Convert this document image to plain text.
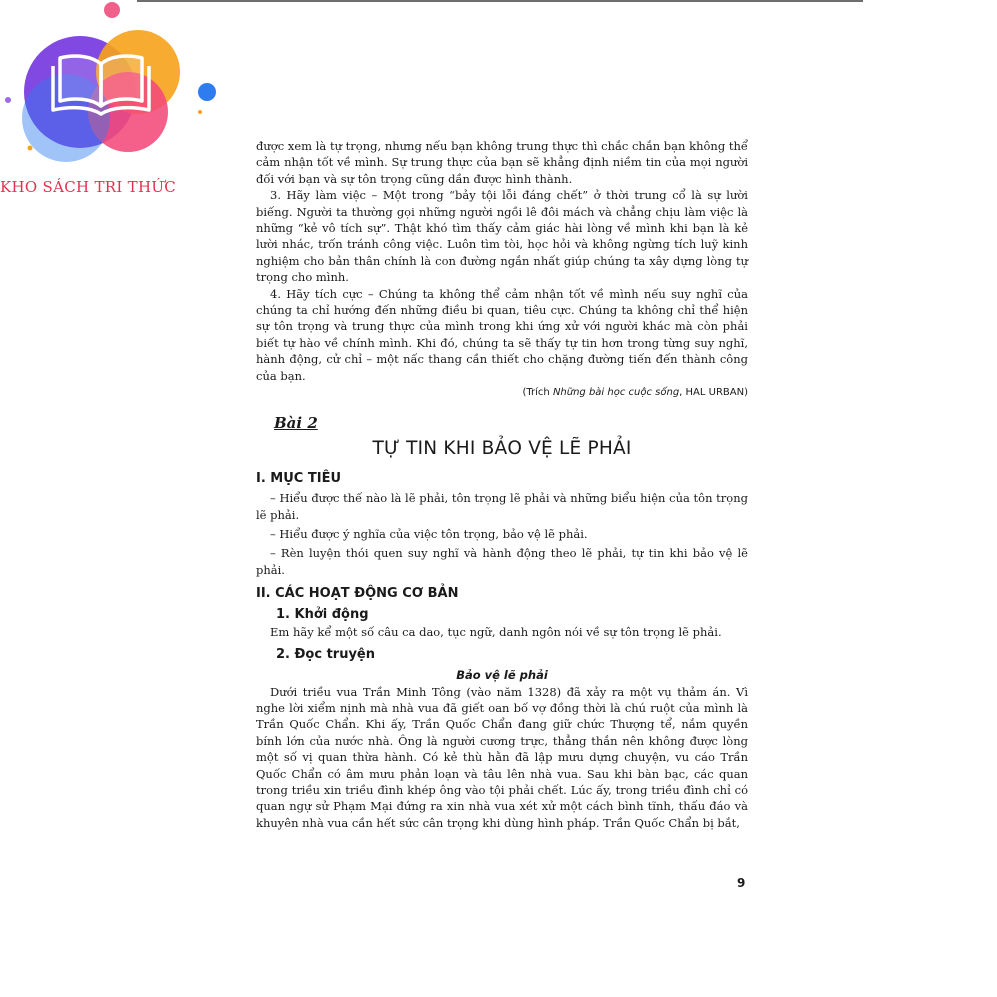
KHO SÁCH TRI THỨC

được xem là tự trọng, nhưng nếu bạn không trung thực thì chắc chắn bạn không thể cảm nhận tốt về mình. Sự trung thực của bạn sẽ khẳng định niềm tin của mọi người đối với bạn và sự tôn trọng cũng dần được hình thành.

3. Hãy làm việc – Một trong “bảy tội lỗi đáng chết” ở thời trung cổ là sự lười biếng. Người ta thường gọi những người ngồi lê đôi mách và chẳng chịu làm việc là những “kẻ vô tích sự”. Thật khó tìm thấy cảm giác hài lòng về mình khi bạn là kẻ lười nhác, trốn tránh công việc. Luôn tìm tòi, học hỏi và không ngừng tích luỹ kinh nghiệm cho bản thân chính là con đường ngắn nhất giúp chúng ta xây dựng lòng tự trọng cho mình.

4. Hãy tích cực – Chúng ta không thể cảm nhận tốt về mình nếu suy nghĩ của chúng ta chỉ hướng đến những điều bi quan, tiêu cực. Chúng ta không chỉ thể hiện sự tôn trọng và trung thực của mình trong khi ứng xử với người khác mà còn phải biết tự hào về chính mình. Khi đó, chúng ta sẽ thấy tự tin hơn trong từng suy nghĩ, hành động, cử chỉ – một nấc thang cần thiết cho chặng đường tiến đến thành công của bạn.

(Trích Những bài học cuộc sống, HAL URBAN)

Bài 2
TỰ TIN KHI BẢO VỆ LẼ PHẢI
I. MỤC TIÊU

– Hiểu được thế nào là lẽ phải, tôn trọng lẽ phải và những biểu hiện của tôn trọng lẽ phải.

– Hiểu được ý nghĩa của việc tôn trọng, bảo vệ lẽ phải.

– Rèn luyện thói quen suy nghĩ và hành động theo lẽ phải, tự tin khi bảo vệ lẽ phải.

II. CÁC HOẠT ĐỘNG CƠ BẢN
1. Khởi động

Em hãy kể một số câu ca dao, tục ngữ, danh ngôn nói về sự tôn trọng lẽ phải.

2. Đọc truyện
Bảo vệ lẽ phải

Dưới triều vua Trần Minh Tông (vào năm 1328) đã xảy ra một vụ thảm án. Vì nghe lời xiểm nịnh mà nhà vua đã giết oan bố vợ đồng thời là chú ruột của mình là Trần Quốc Chẩn. Khi ấy, Trần Quốc Chẩn đang giữ chức Thượng tể, nắm quyền bính lớn của nước nhà. Ông là người cương trực, thẳng thắn nên không được lòng một số vị quan thừa hành. Có kẻ thù hằn đã lập mưu dựng chuyện, vu cáo Trần Quốc Chẩn có âm mưu phản loạn và tâu lên nhà vua. Sau khi bàn bạc, các quan trong triều xin triều đình khép ông vào tội phải chết. Lúc ấy, trong triều đình chỉ có quan ngự sử Phạm Mại đứng ra xin nhà vua xét xử một cách bình tĩnh, thấu đáo và khuyên nhà vua cần hết sức cân trọng khi dùng hình pháp. Trần Quốc Chẩn bị bắt,

9
